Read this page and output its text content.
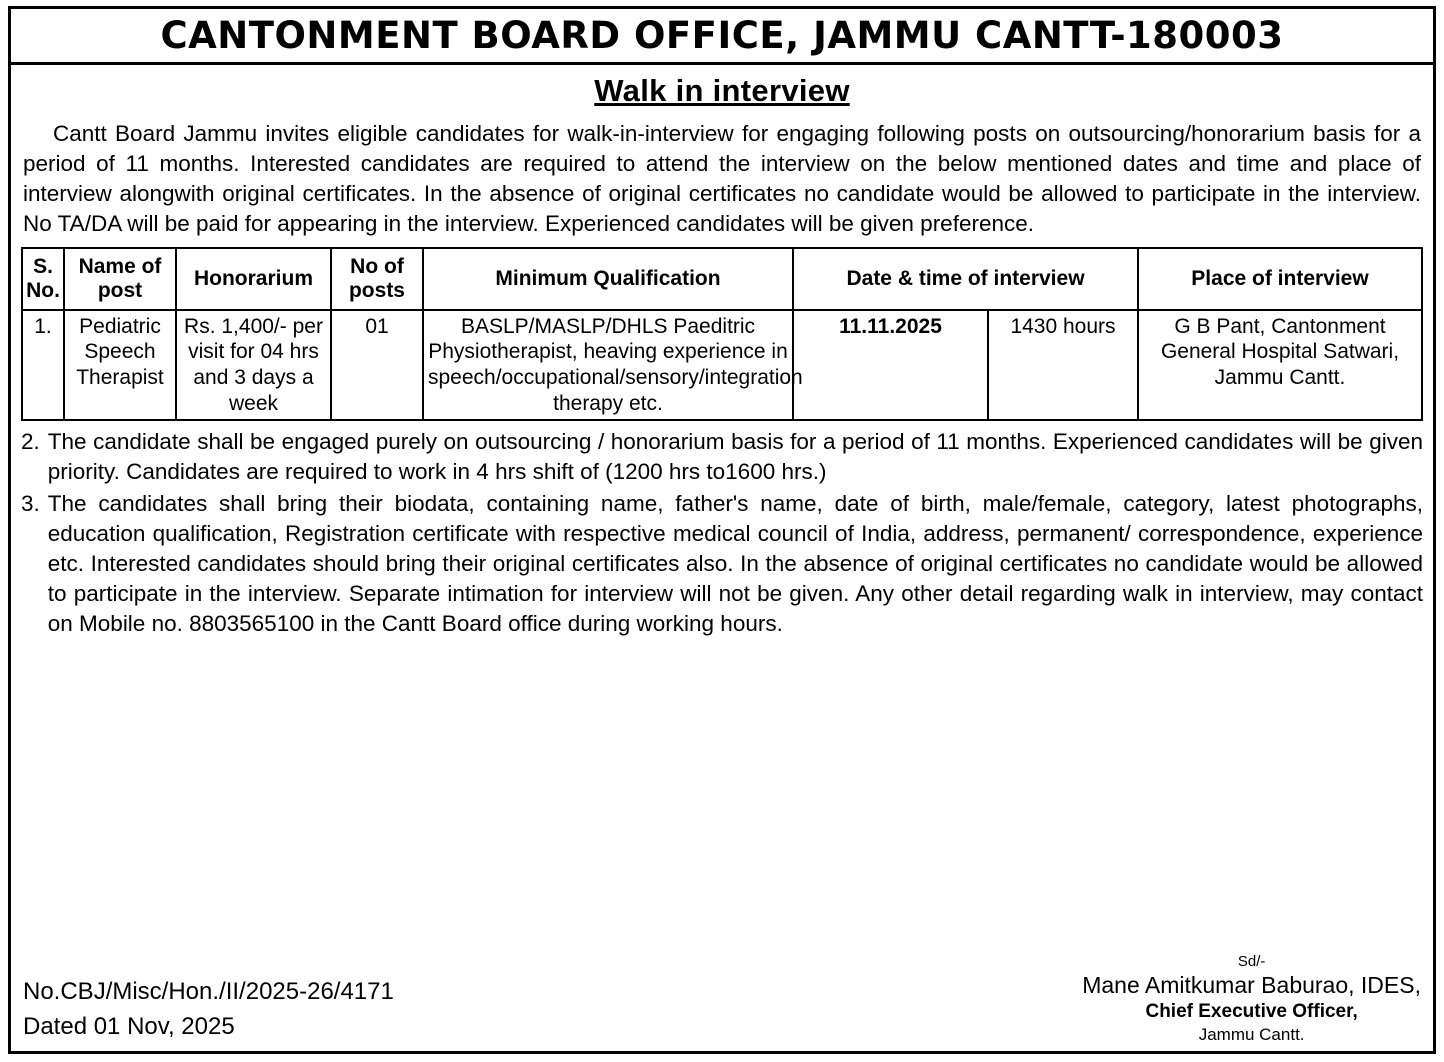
CANTONMENT BOARD OFFICE, JAMMU CANTT-180003
Walk in interview
Cantt Board Jammu invites eligible candidates for walk-in-interview for engaging following posts on outsourcing/honorarium basis for a period of 11 months. Interested candidates are required to attend the interview on the below mentioned dates and time and place of interview alongwith original certificates. In the absence of original certificates no candidate would be allowed to participate in the interview. No TA/DA will be paid for appearing in the interview. Experienced candidates will be given preference.
S. No.	Name of post	Honorarium	No of posts	Minimum Qualification	Date & time of interview		Place of interview
1.	Pediatric Speech Therapist	Rs. 1,400/- per visit for 04 hrs and 3 days a week	01	BASLP/MASLP/DHLS Paeditric Physiotherapist, heaving experience in speech/occupational/sensory/integration therapy etc.	11.11.2025	1430 hours	G B Pant, Cantonment General Hospital Satwari, Jammu Cantt.
2. The candidate shall be engaged purely on outsourcing / honorarium basis for a period of 11 months. Experienced candidates will be given priority. Candidates are required to work in 4 hrs shift of (1200 hrs to1600 hrs.)
3. The candidates shall bring their biodata, containing name, father's name, date of birth, male/female, category, latest photographs, education qualification, Registration certificate with respective medical council of India, address, permanent/ correspondence, experience etc. Interested candidates should bring their original certificates also. In the absence of original certificates no candidate would be allowed to participate in the interview. Separate intimation for interview will not be given. Any other detail regarding walk in interview, may contact on Mobile no. 8803565100 in the Cantt Board office during working hours.
No.CBJ/Misc/Hon./II/2025-26/4171
Dated 01 Nov, 2025
Sd/-
Mane Amitkumar Baburao, IDES,
Chief Executive Officer,
Jammu Cantt.
